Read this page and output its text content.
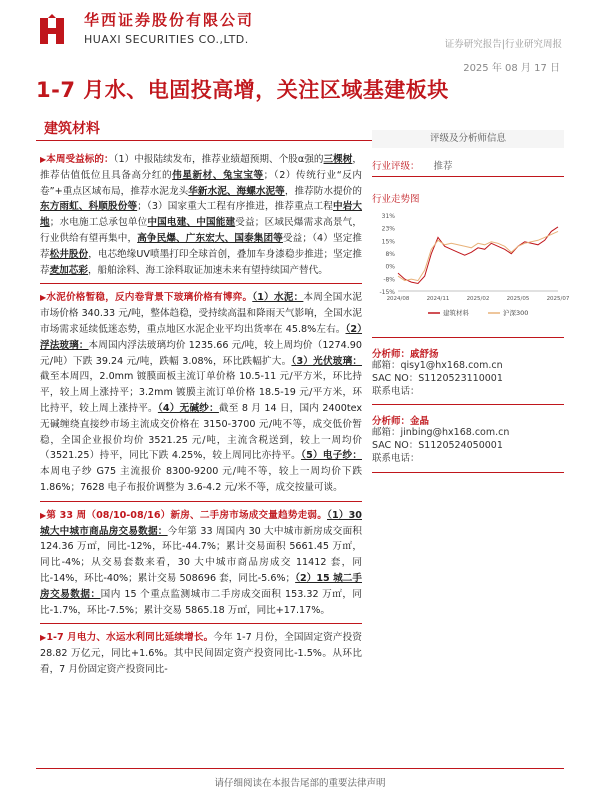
华西证券股份有限公司
HUAXI SECURITIES CO.,LTD.	证券研究报告|行业研究周报
2025 年 08 月 17 日
1-7 月水、电固投高增，关注区域基建板块
建筑材料

▶本周受益标的：（1）中报陆续发布，推荐业绩超预期、个股α强的三棵树，推荐估值低位且具备高分红的伟星新材、兔宝宝等；（2）传统行业“反内卷”+重点区域布局，推荐水泥龙头华新水泥、海螺水泥等，推荐防水提价的东方雨虹、科顺股份等；（3）国家重大工程有序推进，推荐重点工程中岩大地；水电施工总承包单位中国电建、中国能建受益；区域民爆需求高景气，行业供给有望再集中，高争民爆、广东宏大、国泰集团等受益；（4）坚定推荐松井股份，电芯绝缘UV喷墨打印全球首创，叠加车身漆稳步推进；坚定推荐麦加芯彩，船舶涂料、海工涂料取证加速未来有望持续国产替代。

▶水泥价格暂稳，反内卷背景下玻璃价格有博弈。（1）水泥：本周全国水泥市场价格 340.33 元/吨，整体趋稳，受持续高温和降雨天气影响，全国水泥市场需求延续低迷态势，重点地区水泥企业平均出货率在 45.8%左右。（2）浮法玻璃：本周国内浮法玻璃均价 1235.66 元/吨，较上周均价（1274.90 元/吨）下跌 39.24 元/吨，跌幅 3.08%，环比跌幅扩大。（3）光伏玻璃：截至本周四，2.0mm 镀膜面板主流订单价格 10.5-11 元/平方米，环比持平，较上周上涨持平；3.2mm 镀膜主流订单价格 18.5-19 元/平方米，环比持平，较上周上涨持平。（4）无碱纱：截至 8 月 14 日，国内 2400tex 无碱缠绕直接纱市场主流成交价格在 3150-3700 元/吨不等，成交低价暂稳，全国企业报价均价 3521.25 元/吨，主流含税送到，较上一周均价（3521.25）持平，同比下跌 4.25%，较上周同比亦持平。（5）电子纱：本周电子纱 G75 主流报价 8300-9200 元/吨不等，较上一周均价下跌 1.86%；7628 电子布报价调整为 3.6-4.2 元/米不等，成交按量可谈。

▶第 33 周（08/10-08/16）新房、二手房市场成交量趋势走弱。（1）30 城大中城市商品房交易数据：今年第 33 周国内 30 大中城市新房成交面积 124.36 万㎡，同比-12%，环比-44.7%；累计交易面积 5661.45 万㎡，同比-4%；从交易套数来看，30 大中城市商品房成交 11412 套，同比-14%，环比-40%；累计交易 508696 套，同比-5.6%；（2）15 城二手房交易数据：国内 15 个重点监测城市二手房成交面积 153.32 万㎡，同比-1.7%，环比-7.5%；累计交易 5865.18 万㎡，同比+17.17%。

▶1-7 月电力、水运水利同比延续增长。今年 1-7 月份，全国固定资产投资 28.82 万亿元，同比+1.6%。其中民间固定资产投资同比-1.5%。从环比看，7 月份固定资产投资同比-

评级及分析师信息
行业评级： 推荐
行业走势图
31%
23%
15%
8%
0%
-8%
-15%
2024/08	2024/11	2025/02	2025/05	2025/07
建筑材料	沪深300
分析师：戚舒扬
邮箱：qisy1@hx168.com.cn
SAC NO：S1120523110001
联系电话：
分析师：金晶
邮箱：jinbing@hx168.com.cn
SAC NO：S1120524050001
联系电话：
请仔细阅读在本报告尾部的重要法律声明
